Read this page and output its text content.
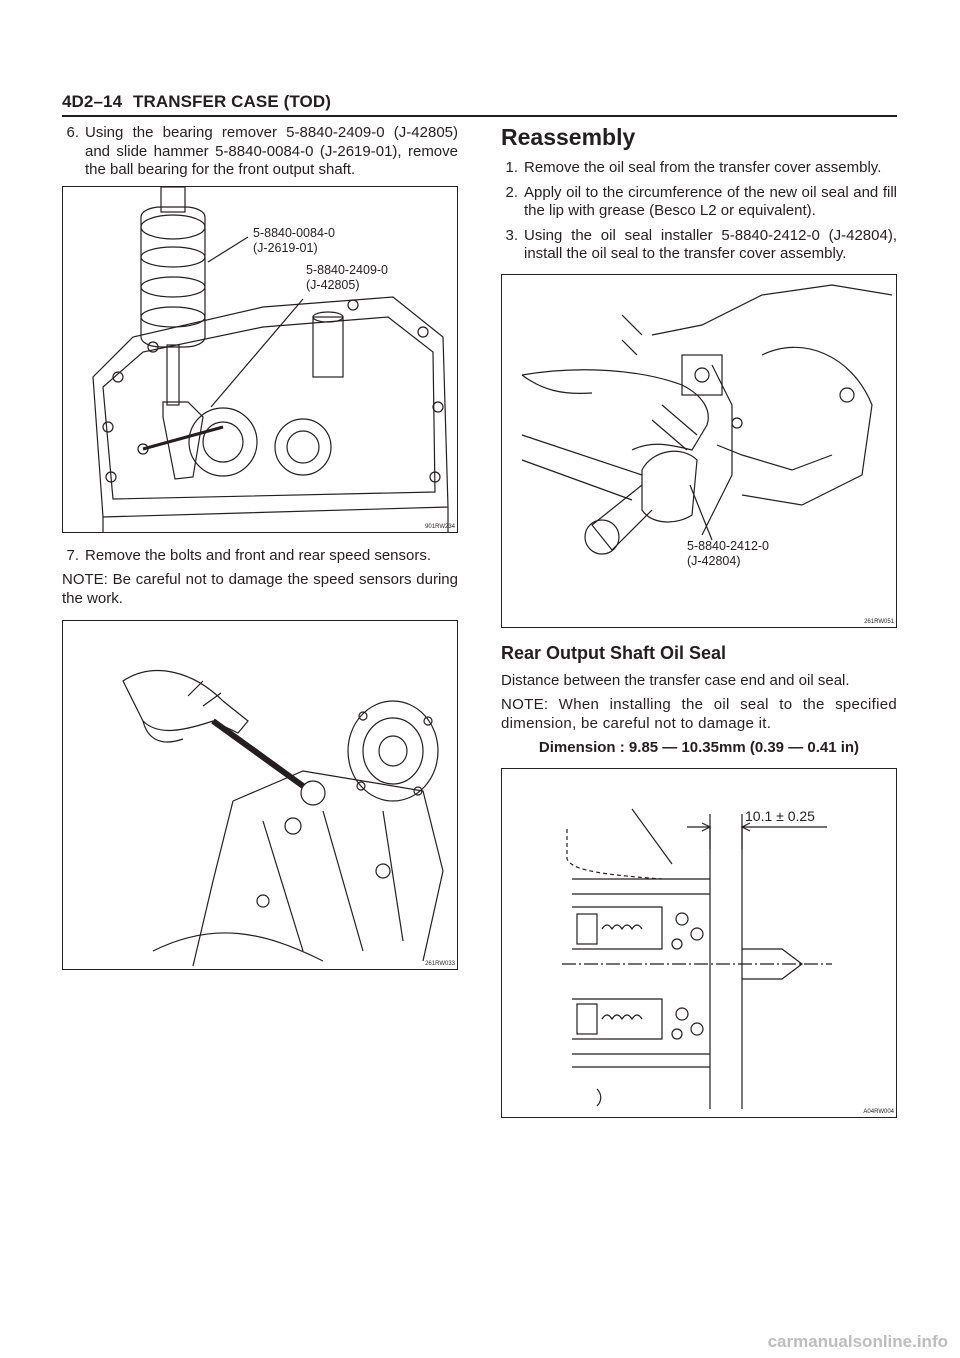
4D2–14 TRANSFER CASE (TOD)
6. Using the bearing remover 5-8840-2409-0 (J-42805) and slide hammer 5-8840-0084-0 (J-2619-01), remove the ball bearing for the front output shaft.
5-8840-0084-0
(J-2619-01)
5-8840-2409-0
(J-42805)
901RW234
7. Remove the bolts and front and rear speed sensors.

NOTE: Be careful not to damage the speed sensors during the work.

261RW033
Reassembly
1. Remove the oil seal from the transfer cover assembly.
2. Apply oil to the circumference of the new oil seal and fill the lip with grease (Besco L2 or equivalent).
3. Using the oil seal installer 5-8840-2412-0 (J-42804), install the oil seal to the transfer cover assembly.
5-8840-2412-0
(J-42804)
261RW051
Rear Output Shaft Oil Seal

Distance between the transfer case end and oil seal.

NOTE: When installing the oil seal to the specified dimension, be careful not to damage it.

Dimension : 9.85 — 10.35mm (0.39 — 0.41 in)
10.1 ± 0.25
A04RW004
carmanualsonline.info
